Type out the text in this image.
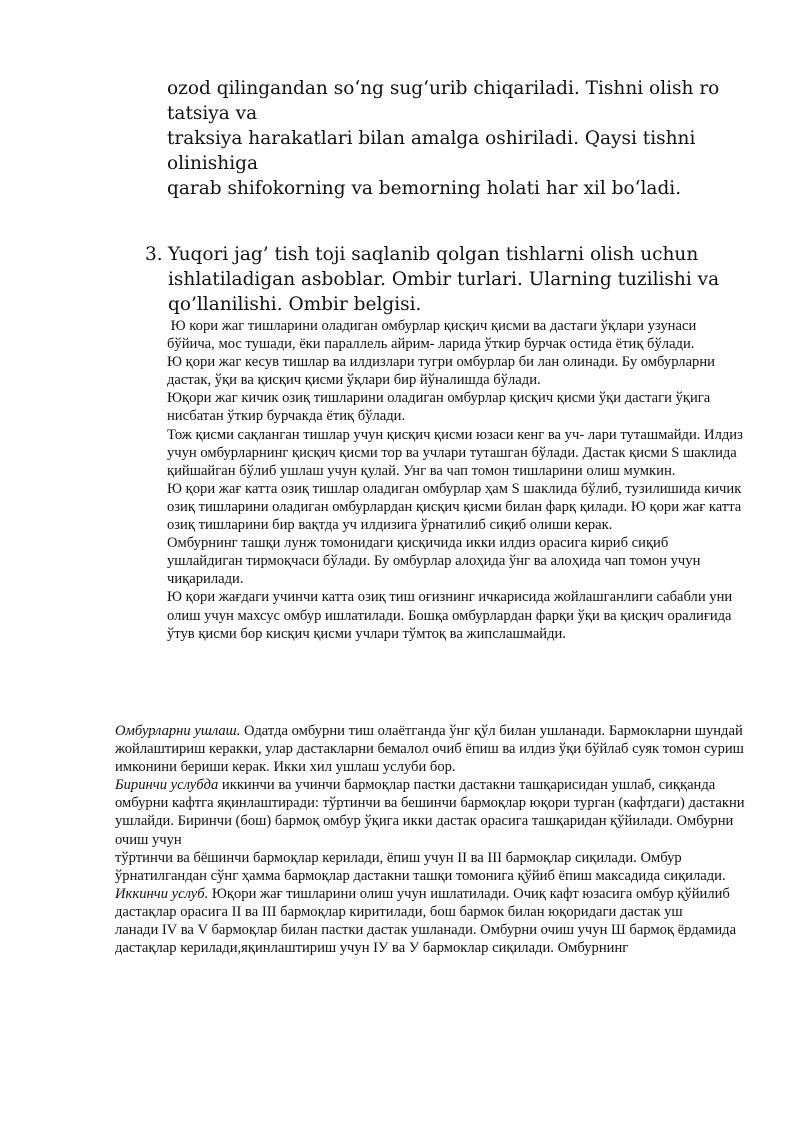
ozod qilingandan so‘ng sug‘urib chiqariladi. Tishni olish ro tatsiya va

traksiya harakatlari bilan amalga oshiriladi. Qaysi tishni olinishiga

qarab shifokorning va bemorning holati har xil bo‘ladi.

3. Yuqori jag’ tish toji saqlanib qolgan tishlarni olish uchun ishlatiladigan asboblar. Ombir turlari. Ularning tuzilishi va qo’llanilishi. Ombir belgisi.

Ю кори жаг тишларини оладиган омбурлар қисқич қисми ва дастаги ўқлари узунаси бўйича, мос тушади, ёки параллель айрим- ларида ўткир бурчак остида ётиқ бўлади.

Ю қори жаг кесув тишлар ва илдизлари тугри омбурлар би лан олинади. Бу омбурларни дастак, ўқи ва қисқич қисми ўқлари бир йўналишда бўлади.

Юқори жаг кичик озиқ тишларини оладиган омбурлар қисқич қисми ўқи дастаги ўқига нисбатан ўткир бурчакда ётиқ бўлади.

Тож қисми сақланган тишлар учун қисқич қисми юзаси кенг ва уч- лари туташмайди. Илдиз учун омбурларнинг қисқич қисми тор ва учлари туташган бўлади. Дастак қисми S шаклида қийшайган бўлиб ушлаш учун қулай. Унг ва чап томон тишларини олиш мумкин.

Ю қори жағ катта озиқ тишлар оладиган омбурлар ҳам S шаклида бўлиб, тузилишида кичик озиқ тишларини оладиган омбурлардан қисқич қисми билан фарқ қилади. Ю қори жағ катта озиқ тишларини бир вақтда уч илдизига ўрнатилиб сиқиб олиши керак.

Омбурнинг ташқи лунж томонидаги қисқичида икки илдиз орасига кириб сиқиб ушлайдиган тирмоқчаси бўлади. Бу омбурлар алоҳида ўнг ва алоҳида чап томон учун чиқарилади.

Ю қори жағдаги учинчи катта озиқ тиш оғизнинг ичкарисида жойлашганлиги сабабли уни олиш учун махсус омбур ишлатилади. Бошқа омбурлардан фарқи ўқи ва қисқич оралиғида ўтув қисми бор кисқич қисми учлари тўмтоқ ва жипслашмайди.

Омбурларни ушлаш. Одатда омбурни тиш олаётганда ўнг қўл билан ушланади. Бармокларни шундай жойлаштириш керакки, улар дастакларни бемалол очиб ёпиш ва илдиз ўқи бўйлаб суяк томон суриш имконини бериши керак. Икки хил ушлаш услуби бор.

Биринчи услубда иккинчи ва учинчи бармоқлар пастки дастакни ташқарисидан ушлаб, сиққанда омбурни кафтга яқинлаштиради: тўртинчи ва бешинчи бармоқлар юқори турган (кафтдаги) дастакни ушлайди. Биринчи (бош) бармоқ омбур ўқига икки дастак орасига ташқаридан қўйилади. Омбурни очиш учун

тўртинчи ва бёшинчи бармоқлар керилади, ёпиш учун II ва III бармоқлар сиқилади. Омбур ўрнатилгандан сўнг ҳамма бармоқлар дастакни ташқи томонига қўйиб ёпиш максадида сиқилади.

Иккинчи услуб. Юқори жағ тишларини олиш учун ишлатилади. Очиқ кафт юзасига омбур қўйилиб дастақлар орасига II ва III бармоқлар киритилади, бош бармок билан юқоридаги дастак уш

ланади IV ва V бармоқлар билан пастки дастак ушланади. Омбурни очиш учун Ш бармоқ ёрдамида дастақлар керилади,яқинлаштириш учун IУ ва У бармоклар сиқилади. Омбурнинг
